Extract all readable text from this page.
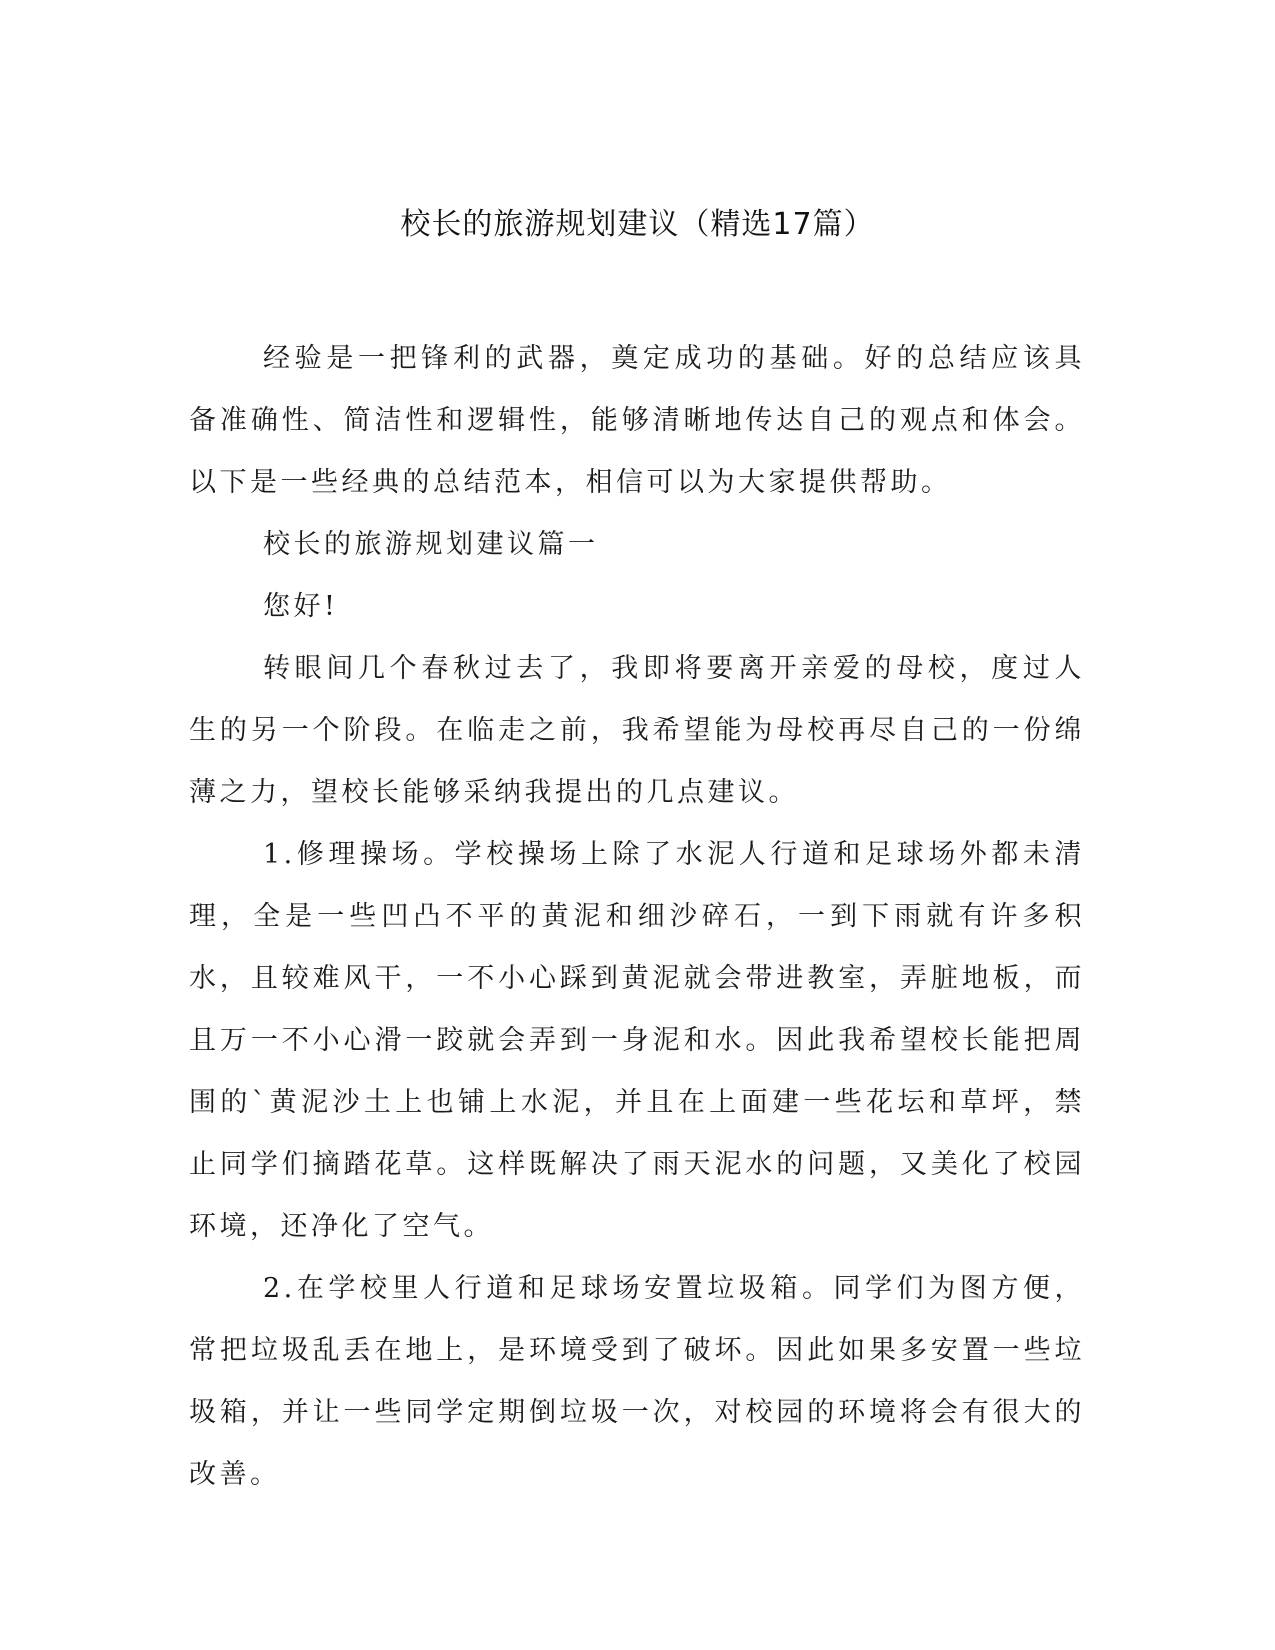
校长的旅游规划建议（精选17篇）

经验是一把锋利的武器，奠定成功的基础。好的总结应该具备准确性、简洁性和逻辑性，能够清晰地传达自己的观点和体会。以下是一些经典的总结范本，相信可以为大家提供帮助。

校长的旅游规划建议篇一

您好!

转眼间几个春秋过去了，我即将要离开亲爱的母校，度过人生的另一个阶段。在临走之前，我希望能为母校再尽自己的一份绵薄之力，望校长能够采纳我提出的几点建议。

1.修理操场。学校操场上除了水泥人行道和足球场外都未清理，全是一些凹凸不平的黄泥和细沙碎石，一到下雨就有许多积水，且较难风干，一不小心踩到黄泥就会带进教室，弄脏地板，而且万一不小心滑一跤就会弄到一身泥和水。因此我希望校长能把周围的`黄泥沙土上也铺上水泥，并且在上面建一些花坛和草坪，禁止同学们摘踏花草。这样既解决了雨天泥水的问题，又美化了校园环境，还净化了空气。

2.在学校里人行道和足球场安置垃圾箱。同学们为图方便，常把垃圾乱丢在地上，是环境受到了破坏。因此如果多安置一些垃圾箱，并让一些同学定期倒垃圾一次，对校园的环境将会有很大的改善。
